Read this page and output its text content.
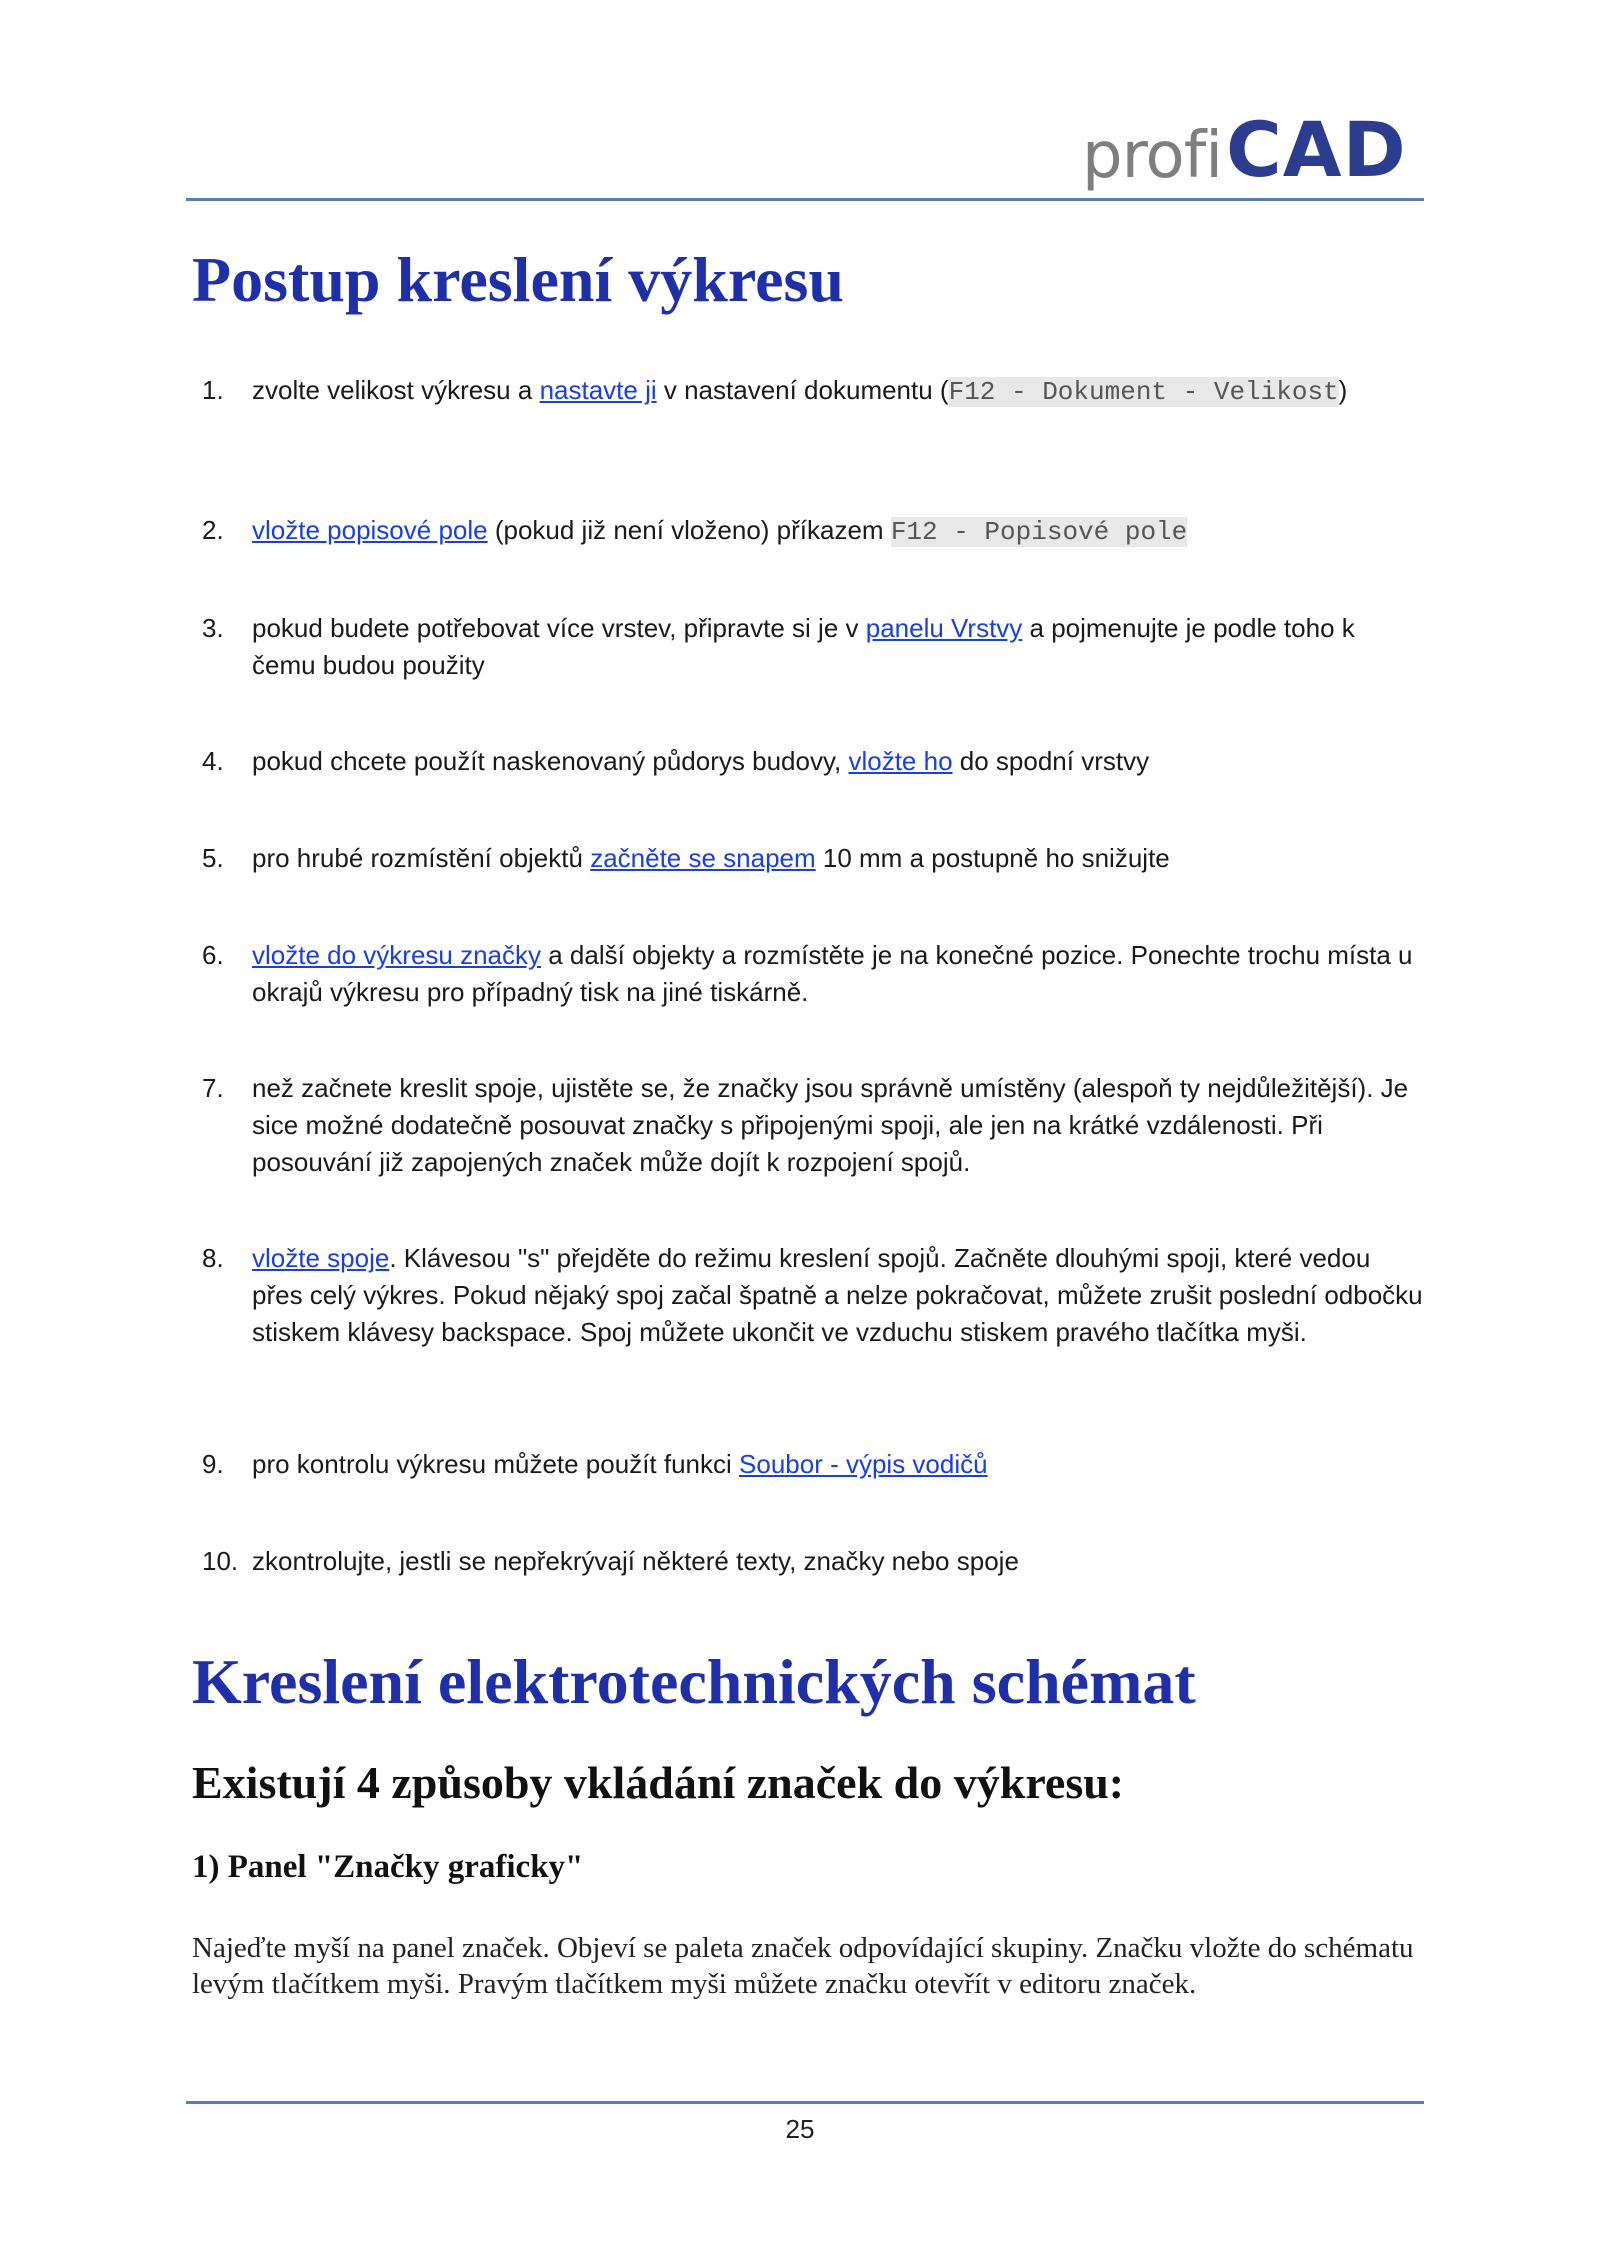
profi CAD
Postup kreslení výkresu
1. zvolte velikost výkresu a nastavte ji v nastavení dokumentu (F12 - Dokument - Velikost)
2. vložte popisové pole (pokud již není vloženo) příkazem F12 - Popisové pole
3. pokud budete potřebovat více vrstev, připravte si je v panelu Vrstvy a pojmenujte je podle toho k čemu budou použity
4. pokud chcete použít naskenovaný půdorys budovy, vložte ho do spodní vrstvy
5. pro hrubé rozmístění objektů začněte se snapem 10 mm a postupně ho snižujte
6. vložte do výkresu značky a další objekty a rozmístěte je na konečné pozice. Ponechte trochu místa u okrajů výkresu pro případný tisk na jiné tiskárně.
7. než začnete kreslit spoje, ujistěte se, že značky jsou správně umístěny (alespoň ty nejdůležitější). Je sice možné dodatečně posouvat značky s připojenými spoji, ale jen na krátké vzdálenosti. Při posouvání již zapojených značek může dojít k rozpojení spojů.
8. vložte spoje. Klávesou "s" přejděte do režimu kreslení spojů. Začněte dlouhými spoji, které vedou přes celý výkres. Pokud nějaký spoj začal špatně a nelze pokračovat, můžete zrušit poslední odbočku stiskem klávesy backspace. Spoj můžete ukončit ve vzduchu stiskem pravého tlačítka myši.
9. pro kontrolu výkresu můžete použít funkci Soubor - výpis vodičů
10. zkontrolujte, jestli se nepřekrývají některé texty, značky nebo spoje
Kreslení elektrotechnických schémat
Existují 4 způsoby vkládání značek do výkresu:
1) Panel "Značky graficky"

Najeďte myší na panel značek. Objeví se paleta značek odpovídající skupiny. Značku vložte do schématu levým tlačítkem myši. Pravým tlačítkem myši můžete značku otevřít v editoru značek.

25
